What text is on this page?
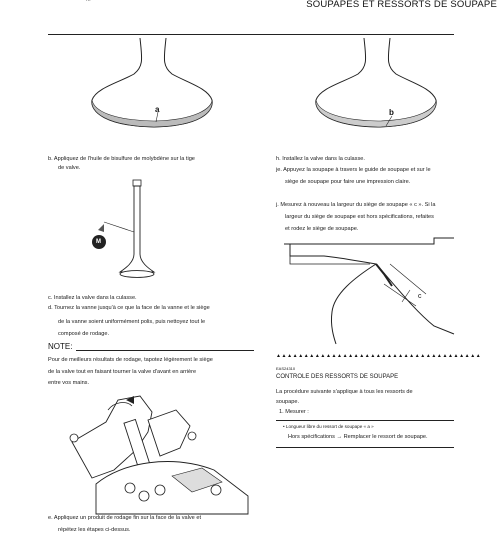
...	SOUPAPES ET RESSORTS DE SOUPAPE
a	b
b. Appliquez de l'huile de bisulfure de molybdène sur la tige
de valve.
M
c. Installez la valve dans la culasse.
d. Tournez la vanne jusqu'à ce que la face de la vanne et le siège
de la vanne soient uniformément polis, puis nettoyez tout le
composé de rodage.
NOTE:
Pour de meilleurs résultats de rodage, tapotez légèrement le siège
de la valve tout en faisant tourner la valve d'avant en arrière
entre vos mains.
e. Appliquez un produit de rodage fin sur la face de la valve et
répétez les étapes ci-dessus.
h. Installez la valve dans la culasse.
je. Appuyez la soupape à travers le guide de soupape et sur le
siège de soupape pour faire une impression claire.
j. Mesurez à nouveau la largeur du siège de soupape « c ». Si la
largeur du siège de soupape est hors spécifications, refaites
et rodez le siège de soupape.
c
▲▲▲▲▲▲▲▲▲▲▲▲▲▲▲▲▲▲▲▲▲▲▲▲▲▲▲▲▲▲▲▲▲▲▲▲▲
EAS24310
CONTROLE DES RESSORTS DE SOUPAPE
La procédure suivante s'applique à tous les ressorts de
soupape.
1. Mesurer :
• Longueur libre du ressort de soupape « a »
Hors spécifications → Remplacer le ressort de soupape.
